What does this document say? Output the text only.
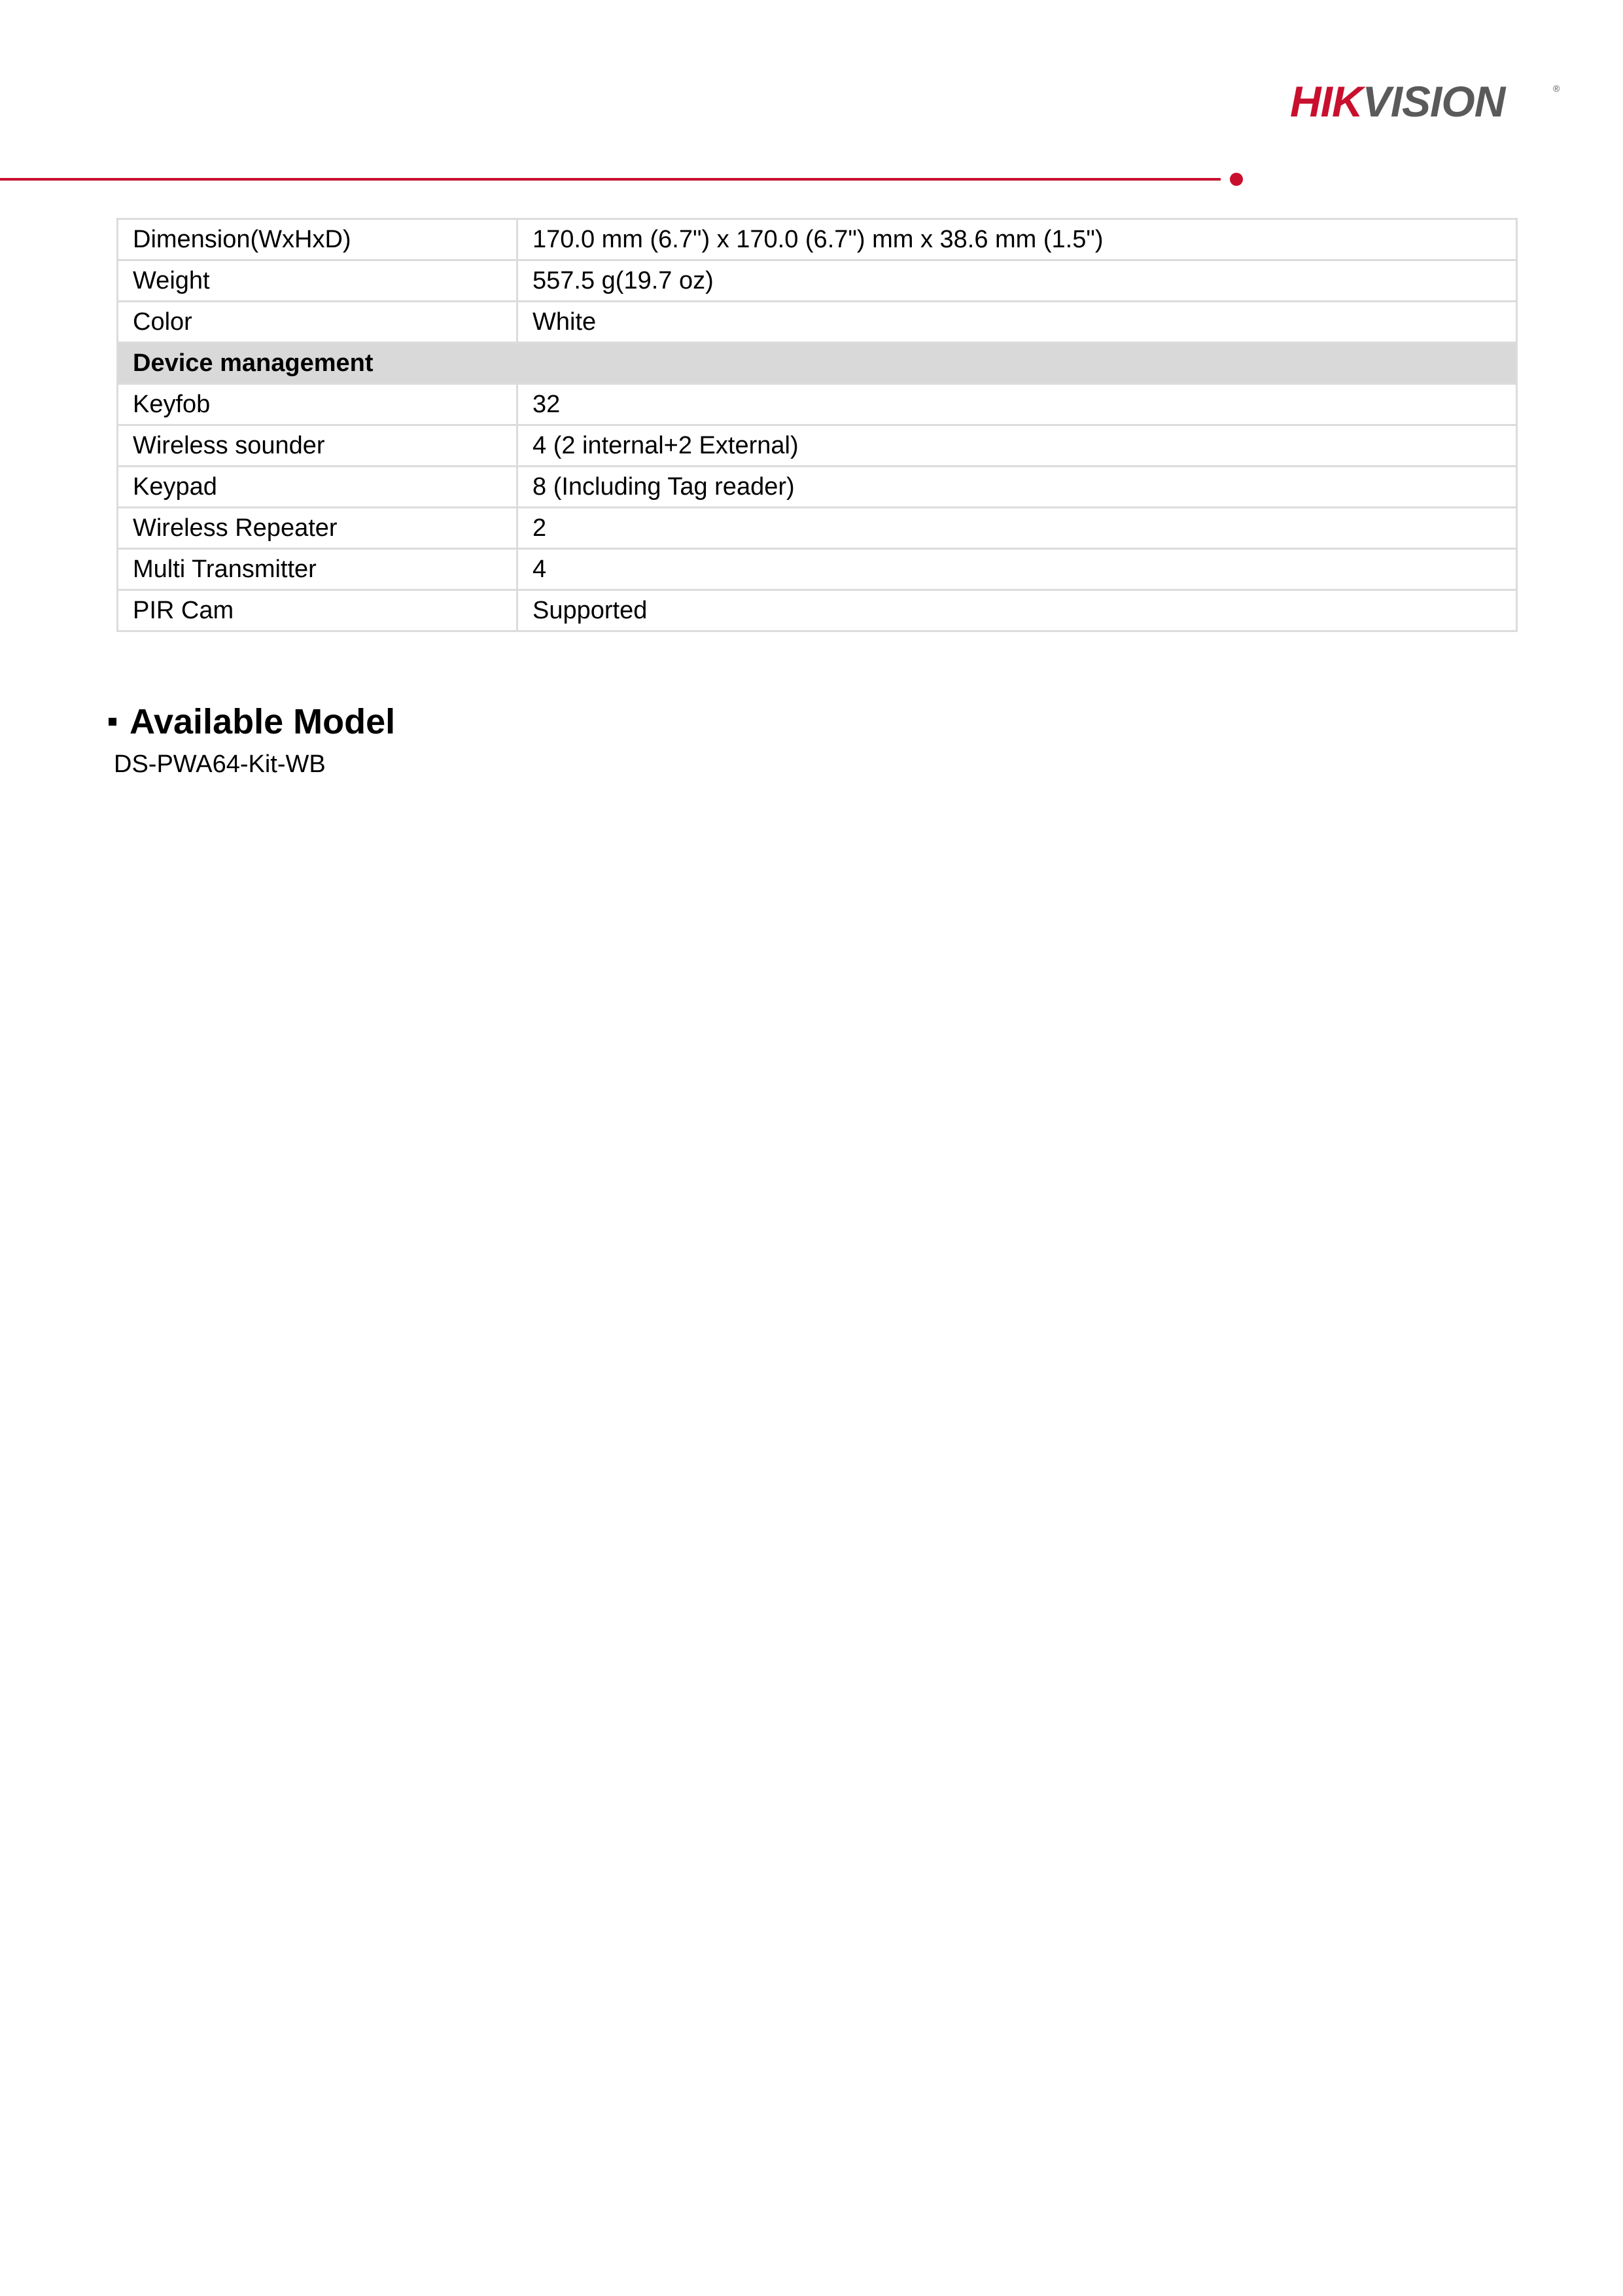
HIKVISION	®
Dimension(WxHxD)	170.0 mm (6.7") x 170.0 (6.7") mm x 38.6 mm (1.5")
Weight	557.5 g(19.7 oz)
Color	White
Device management	
Keyfob	32
Wireless sounder	4 (2 internal+2 External)
Keypad	8 (Including Tag reader)
Wireless Repeater	2
Multi Transmitter	4
PIR Cam	Supported
Available Model
DS-PWA64-Kit-WB
